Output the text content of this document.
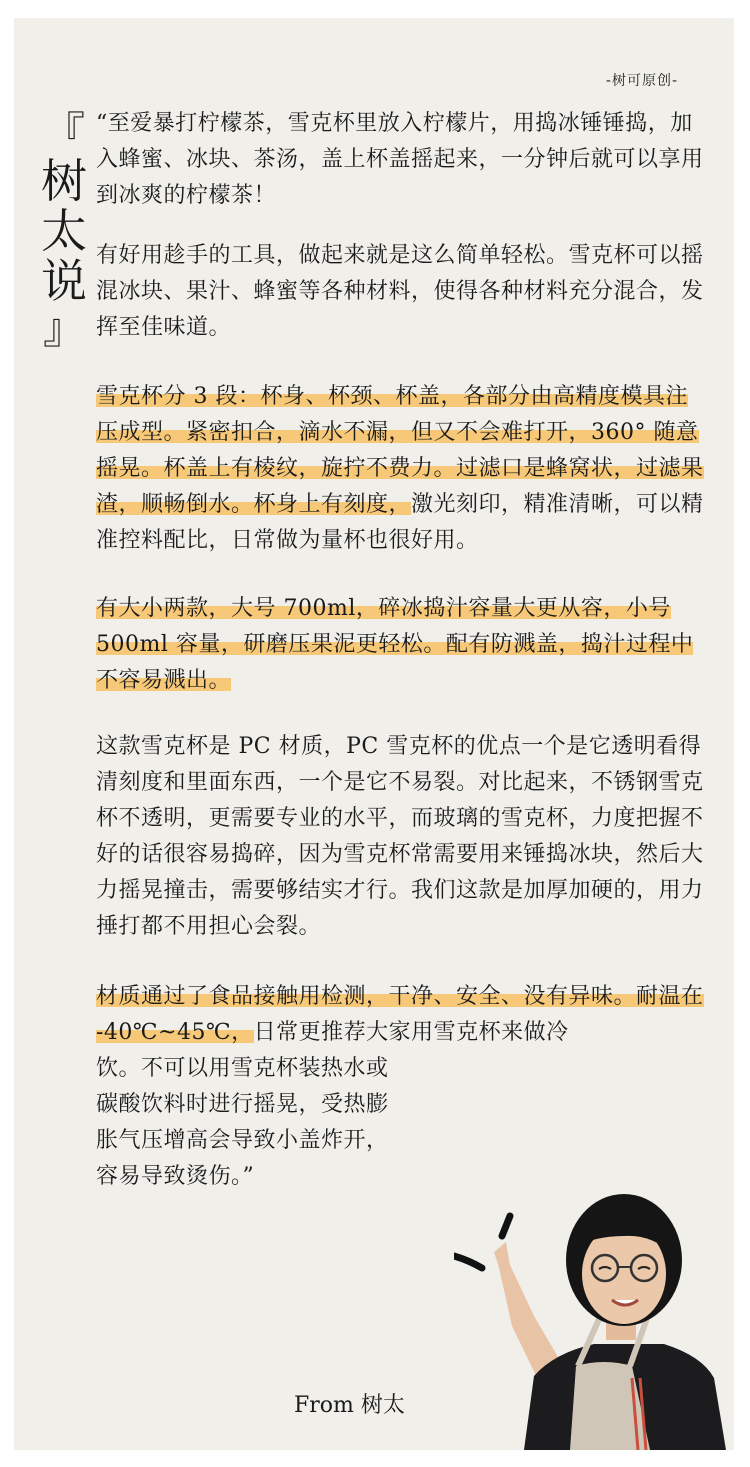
-树可原创-
『
树
太
说
』

“至爱暴打柠檬茶，雪克杯里放入柠檬片，用捣冰锤锤捣，加入蜂蜜、冰块、茶汤，盖上杯盖摇起来，一分钟后就可以享用到冰爽的柠檬茶！

有好用趁手的工具，做起来就是这么简单轻松。雪克杯可以摇混冰块、果汁、蜂蜜等各种材料，使得各种材料充分混合，发挥至佳味道。

雪克杯分 3 段：杯身、杯颈、杯盖，各部分由高精度模具注压成型。紧密扣合，滴水不漏，但又不会难打开，360° 随意摇晃。杯盖上有棱纹，旋拧不费力。过滤口是蜂窝状，过滤果渣，顺畅倒水。杯身上有刻度，激光刻印，精准清晰，可以精准控料配比，日常做为量杯也很好用。

有大小两款，大号 700ml，碎冰捣汁容量大更从容，小号 500ml 容量，研磨压果泥更轻松。配有防溅盖，捣汁过程中不容易溅出。

这款雪克杯是 PC 材质，PC 雪克杯的优点一个是它透明看得清刻度和里面东西，一个是它不易裂。对比起来，不锈钢雪克杯不透明，更需要专业的水平，而玻璃的雪克杯，力度把握不好的话很容易捣碎，因为雪克杯常需要用来锤捣冰块，然后大力摇晃撞击，需要够结实才行。我们这款是加厚加硬的，用力捶打都不用担心会裂。

材质通过了食品接触用检测，干净、安全、没有异味。耐温在 -40℃~45℃，日常更推荐大家用雪克杯来做冷
饮。不可以用雪克杯装热水或
碳酸饮料时进行摇晃，受热膨
胀气压增高会导致小盖炸开，
容易导致烫伤。”

From 树太
